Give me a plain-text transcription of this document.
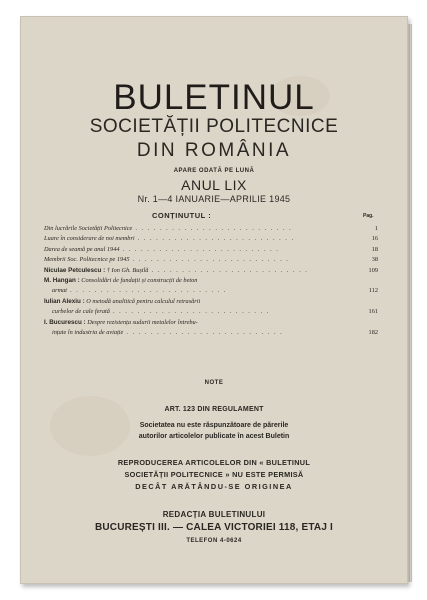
BULETINUL
SOCIETĂȚII POLITECNICE
DIN ROMÂNIA
APARE ODATĂ PE LUNĂ
ANUL LIX
Nr. 1—4 IANUARIE—APRILIE 1945
CONȚINUTUL :	Pag.
Din lucrările Societății Politecnice . . . . . . . . . . . . . . . . . . . . . . . . . .	1
Luare în considerare de noi membri . . . . . . . . . . . . . . . . . . . . . . . . . .	16
Darea de seamă pe anul 1944 . . . . . . . . . . . . . . . . . . . . . . . . . .	18
Membrii Soc. Politecnice pe 1945 . . . . . . . . . . . . . . . . . . . . . . . . . .	38
Niculae Petculescu : † Ion Gh. Bușilă . . . . . . . . . . . . . . . . . . . . . . . . . .	109
M. Hangan : Consolidări de fundații și construcții de beton
armat . . . . . . . . . . . . . . . . . . . . . . . . . .	112
Iulian Alexiu : O metodă analitică pentru calculul retrasării
curbelor de cale ferată . . . . . . . . . . . . . . . . . . . . . . . . . .	161
I. Bucurescu : Despre rezistența sudurii metalelor întrebu-
ințate în industria de aviație . . . . . . . . . . . . . . . . . . . . . . . . . .	182
NOTE
ART. 123 DIN REGULAMENT
Societatea nu este răspunzătoare de părerile
autorilor articolelor publicate în acest Buletin
REPRODUCEREA ARTICOLELOR DIN « BULETINUL
SOCIETĂȚII POLITECNICE » NU ESTE PERMISĂ
DECÂT ARĂTÂNDU-SE ORIGINEA
REDACȚIA BULETINULUI
BUCUREȘTI III. — CALEA VICTORIEI 118, ETAJ I
TELEFON 4-0624
